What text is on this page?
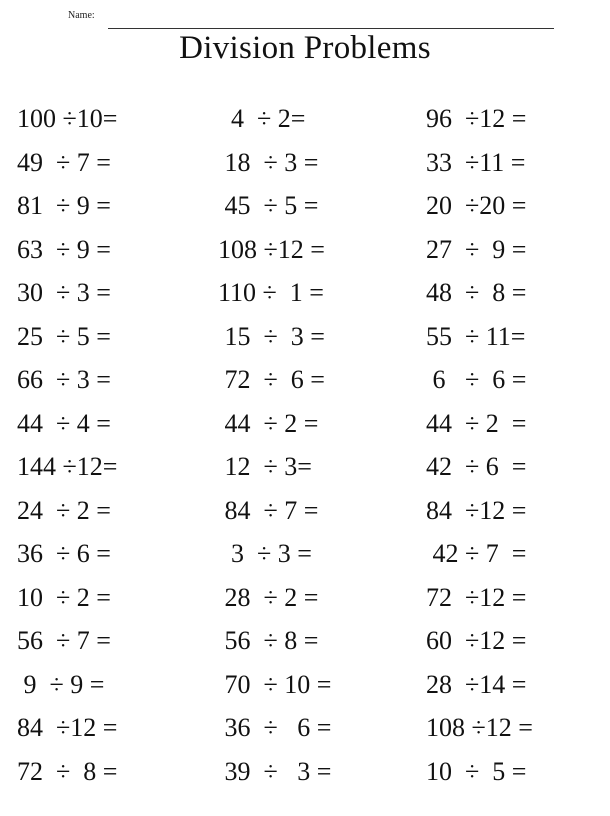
Name:
Division Problems
100 ÷10=	4  ÷ 2=	96  ÷12 =
49  ÷ 7 =	18  ÷ 3 =	33  ÷11 =
81  ÷ 9 =	45  ÷ 5 =	20  ÷20 =
63  ÷ 9 =	108 ÷12 =	27  ÷  9 =
30  ÷ 3 =	110 ÷  1 =	48  ÷  8 =
25  ÷ 5 =	15  ÷  3 =	55  ÷ 11=
66  ÷ 3 =	72  ÷  6 =	6   ÷  6 =
44  ÷ 4 =	44  ÷ 2 =	44  ÷ 2  =
144 ÷12=	12  ÷ 3=	42  ÷ 6  =
24  ÷ 2 =	84  ÷ 7 =	84  ÷12 =
36  ÷ 6 =	3  ÷ 3 =	42 ÷ 7  =
10  ÷ 2 =	28  ÷ 2 =	72  ÷12 =
56  ÷ 7 =	56  ÷ 8 =	60  ÷12 =
9  ÷ 9 =	70  ÷ 10 =	28  ÷14 =
84  ÷12 =	36  ÷   6 =	108 ÷12 =
72  ÷  8 =	39  ÷   3 =	10  ÷  5 =
